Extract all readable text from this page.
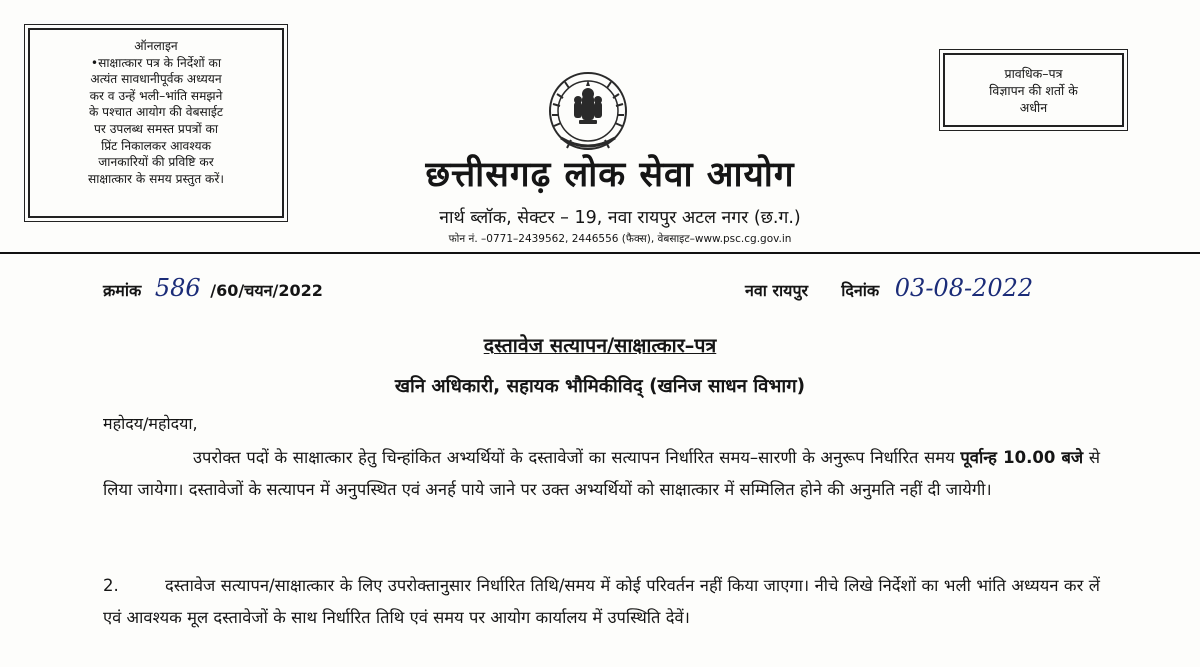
ऑनलाइन
•साक्षात्कार पत्र के निर्देशों का
अत्यंत सावधानीपूर्वक अध्ययन
कर व उन्हें भली–भांति समझने
के पश्चात आयोग की वेबसाईट
पर उपलब्ध समस्त प्रपत्रों का
प्रिंट निकालकर आवश्यक
जानकारियों की प्रविष्टि कर
साक्षात्कार के समय प्रस्तुत करें।
प्रावधिक–पत्र
विज्ञापन की शर्तो के
अधीन
छत्तीसगढ़ लोक सेवा आयोग
नार्थ ब्लॉक, सेक्टर – 19, नवा रायपुर अटल नगर (छ.ग.)
फोन नं. –0771–2439562, 2446556 (फैक्स), वेबसाइट–www.psc.cg.gov.in
क्रमांक 586 /60/चयन/2022	नवा रायपुर दिनांक 03-08-2022
दस्तावेज सत्यापन/साक्षात्कार–पत्र
खनि अधिकारी, सहायक भौमिकीविद् (खनिज साधन विभाग)
महोदय/महोदया,
उपरोक्त पदों के साक्षात्कार हेतु चिन्हांकित अभ्यर्थियों के दस्तावेजों का सत्यापन निर्धारित समय–सारणी के अनुरूप निर्धारित समय पूर्वान्ह 10.00 बजे से लिया जायेगा। दस्तावेजों के सत्यापन में अनुपस्थित एवं अनर्ह पाये जाने पर उक्त अभ्यर्थियों को साक्षात्कार में सम्मिलित होने की अनुमति नहीं दी जायेगी।
2.	दस्तावेज सत्यापन/साक्षात्कार के लिए उपरोक्तानुसार निर्धारित तिथि/समय में कोई परिवर्तन नहीं किया जाएगा। नीचे लिखे निर्देशों का भली भांति अध्ययन कर लें एवं आवश्यक मूल दस्तावेजों के साथ निर्धारित तिथि एवं समय पर आयोग कार्यालय में उपस्थिति देवें।
